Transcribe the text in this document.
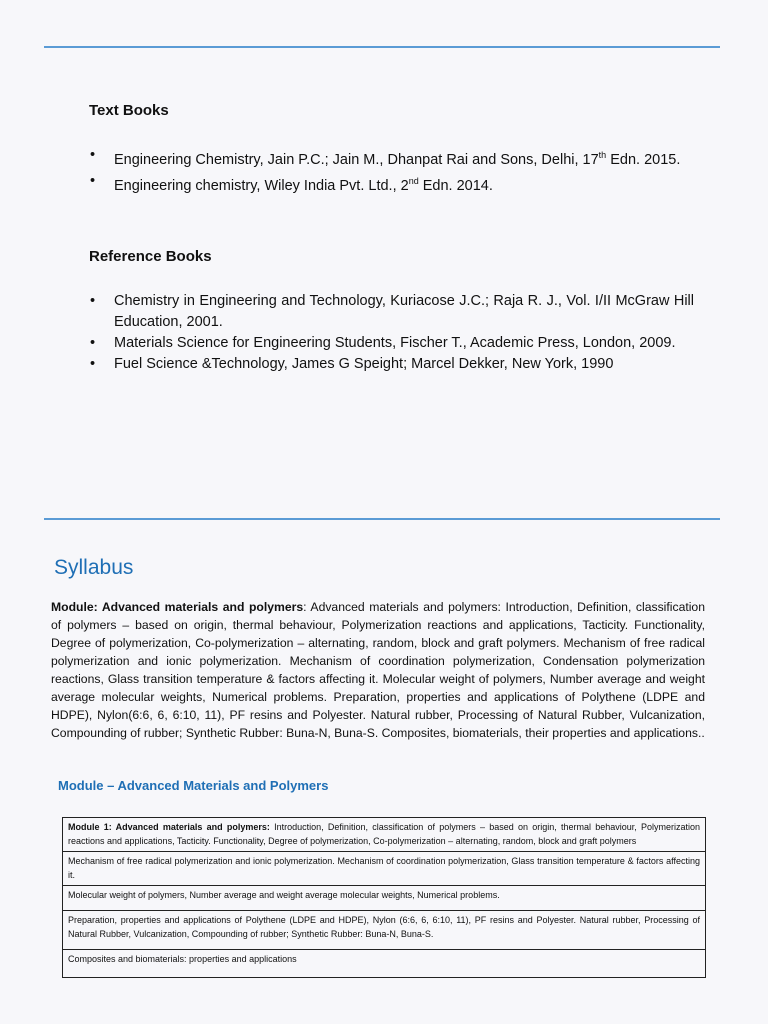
Text Books
• Engineering Chemistry, Jain P.C.; Jain M., Dhanpat Rai and Sons, Delhi, 17th Edn. 2015.
• Engineering chemistry, Wiley India Pvt. Ltd., 2nd Edn. 2014.
Reference Books
• Chemistry in Engineering and Technology, Kuriacose J.C.; Raja R. J., Vol. I/II McGraw Hill Education, 2001.
• Materials Science for Engineering Students, Fischer T., Academic Press, London, 2009.
• Fuel Science &Technology, James G Speight; Marcel Dekker, New York, 1990
Syllabus

Module: Advanced materials and polymers: Advanced materials and polymers: Introduction, Definition, classification of polymers – based on origin, thermal behaviour, Polymerization reactions and applications, Tacticity. Functionality, Degree of polymerization, Co-polymerization – alternating, random, block and graft polymers. Mechanism of free radical polymerization and ionic polymerization. Mechanism of coordination polymerization, Condensation polymerization reactions, Glass transition temperature & factors affecting it. Molecular weight of polymers, Number average and weight average molecular weights, Numerical problems. Preparation, properties and applications of Polythene (LDPE and HDPE), Nylon(6:6, 6, 6:10, 11), PF resins and Polyester. Natural rubber, Processing of Natural Rubber, Vulcanization, Compounding of rubber; Synthetic Rubber: Buna-N, Buna-S. Composites, biomaterials, their properties and applications..

Module – Advanced Materials and Polymers
Module 1: Advanced materials and polymers: Introduction, Definition, classification of polymers – based on origin, thermal behaviour, Polymerization reactions and applications, Tacticity. Functionality, Degree of polymerization, Co-polymerization – alternating, random, block and graft polymers
Mechanism of free radical polymerization and ionic polymerization. Mechanism of coordination polymerization, Glass transition temperature & factors affecting it.
Molecular weight of polymers, Number average and weight average molecular weights, Numerical problems.
Preparation, properties and applications of Polythene (LDPE and HDPE), Nylon (6:6, 6, 6:10, 11), PF resins and Polyester. Natural rubber, Processing of Natural Rubber, Vulcanization, Compounding of rubber; Synthetic Rubber: Buna-N, Buna-S.
Composites and biomaterials: properties and applications
